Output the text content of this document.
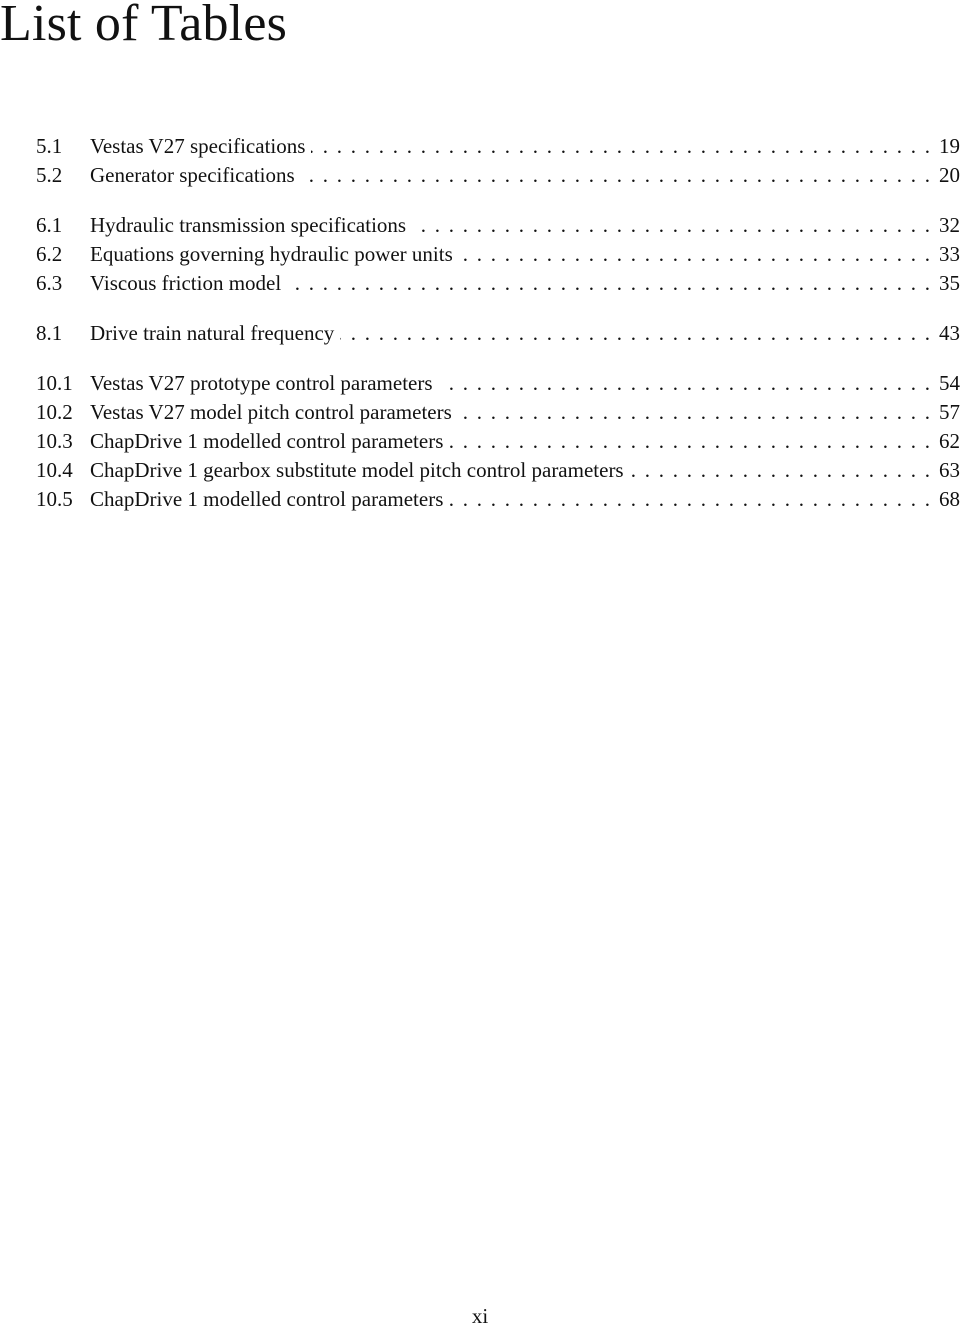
List of Tables
5.1	Vestas V27 specifications . . .	19
5.2	Generator specifications . . .	20
6.1	Hydraulic transmission specifications . . .	32
6.2	Equations governing hydraulic power units . . .	33
6.3	Viscous friction model . . .	35
8.1	Drive train natural frequency . . .	43
10.1 Vestas V27 prototype control parameters . . .	54
10.2 Vestas V27 model pitch control parameters . . .	57
10.3 ChapDrive 1 modelled control parameters . . .	62
10.4 ChapDrive 1 gearbox substitute model pitch control parameters . . .	63
10.5 ChapDrive 1 modelled control parameters . . .	68
xi
